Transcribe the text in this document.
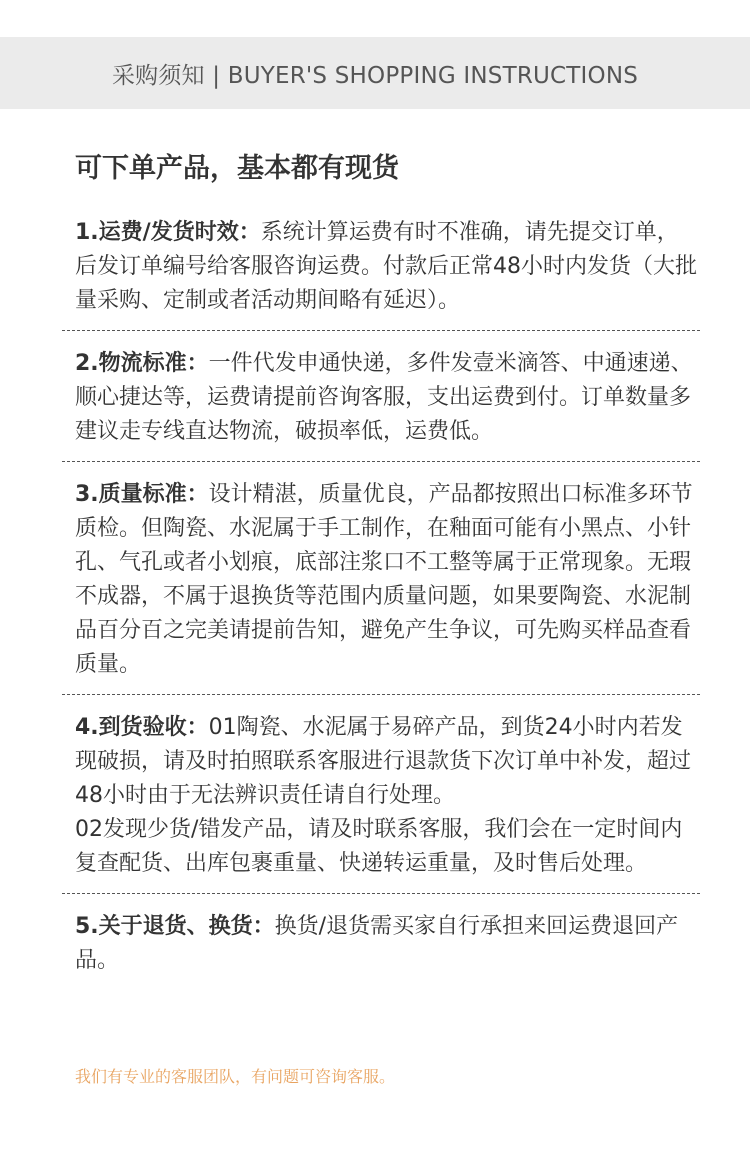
采购须知 | BUYER'S SHOPPING INSTRUCTIONS
可下单产品，基本都有现货

1.运费/发货时效：系统计算运费有时不准确，请先提交订单，后发订单编号给客服咨询运费。付款后正常48小时内发货（大批量采购、定制或者活动期间略有延迟）。

2.物流标准：一件代发申通快递，多件发壹米滴答、中通速递、顺心捷达等，运费请提前咨询客服，支出运费到付。订单数量多建议走专线直达物流，破损率低，运费低。

3.质量标准：设计精湛，质量优良，产品都按照出口标准多环节质检。但陶瓷、水泥属于手工制作，在釉面可能有小黑点、小针孔、气孔或者小划痕，底部注浆口不工整等属于正常现象。无瑕不成器，不属于退换货等范围内质量问题，如果要陶瓷、水泥制品百分百之完美请提前告知，避免产生争议，可先购买样品查看质量。

4.到货验收：01陶瓷、水泥属于易碎产品，到货24小时内若发现破损，请及时拍照联系客服进行退款货下次订单中补发，超过48小时由于无法辨识责任请自行处理。

02发现少货/错发产品，请及时联系客服，我们会在一定时间内复查配货、出库包裹重量、快递转运重量，及时售后处理。

5.关于退货、换货：换货/退货需买家自行承担来回运费退回产品。

我们有专业的客服团队，有问题可咨询客服。
